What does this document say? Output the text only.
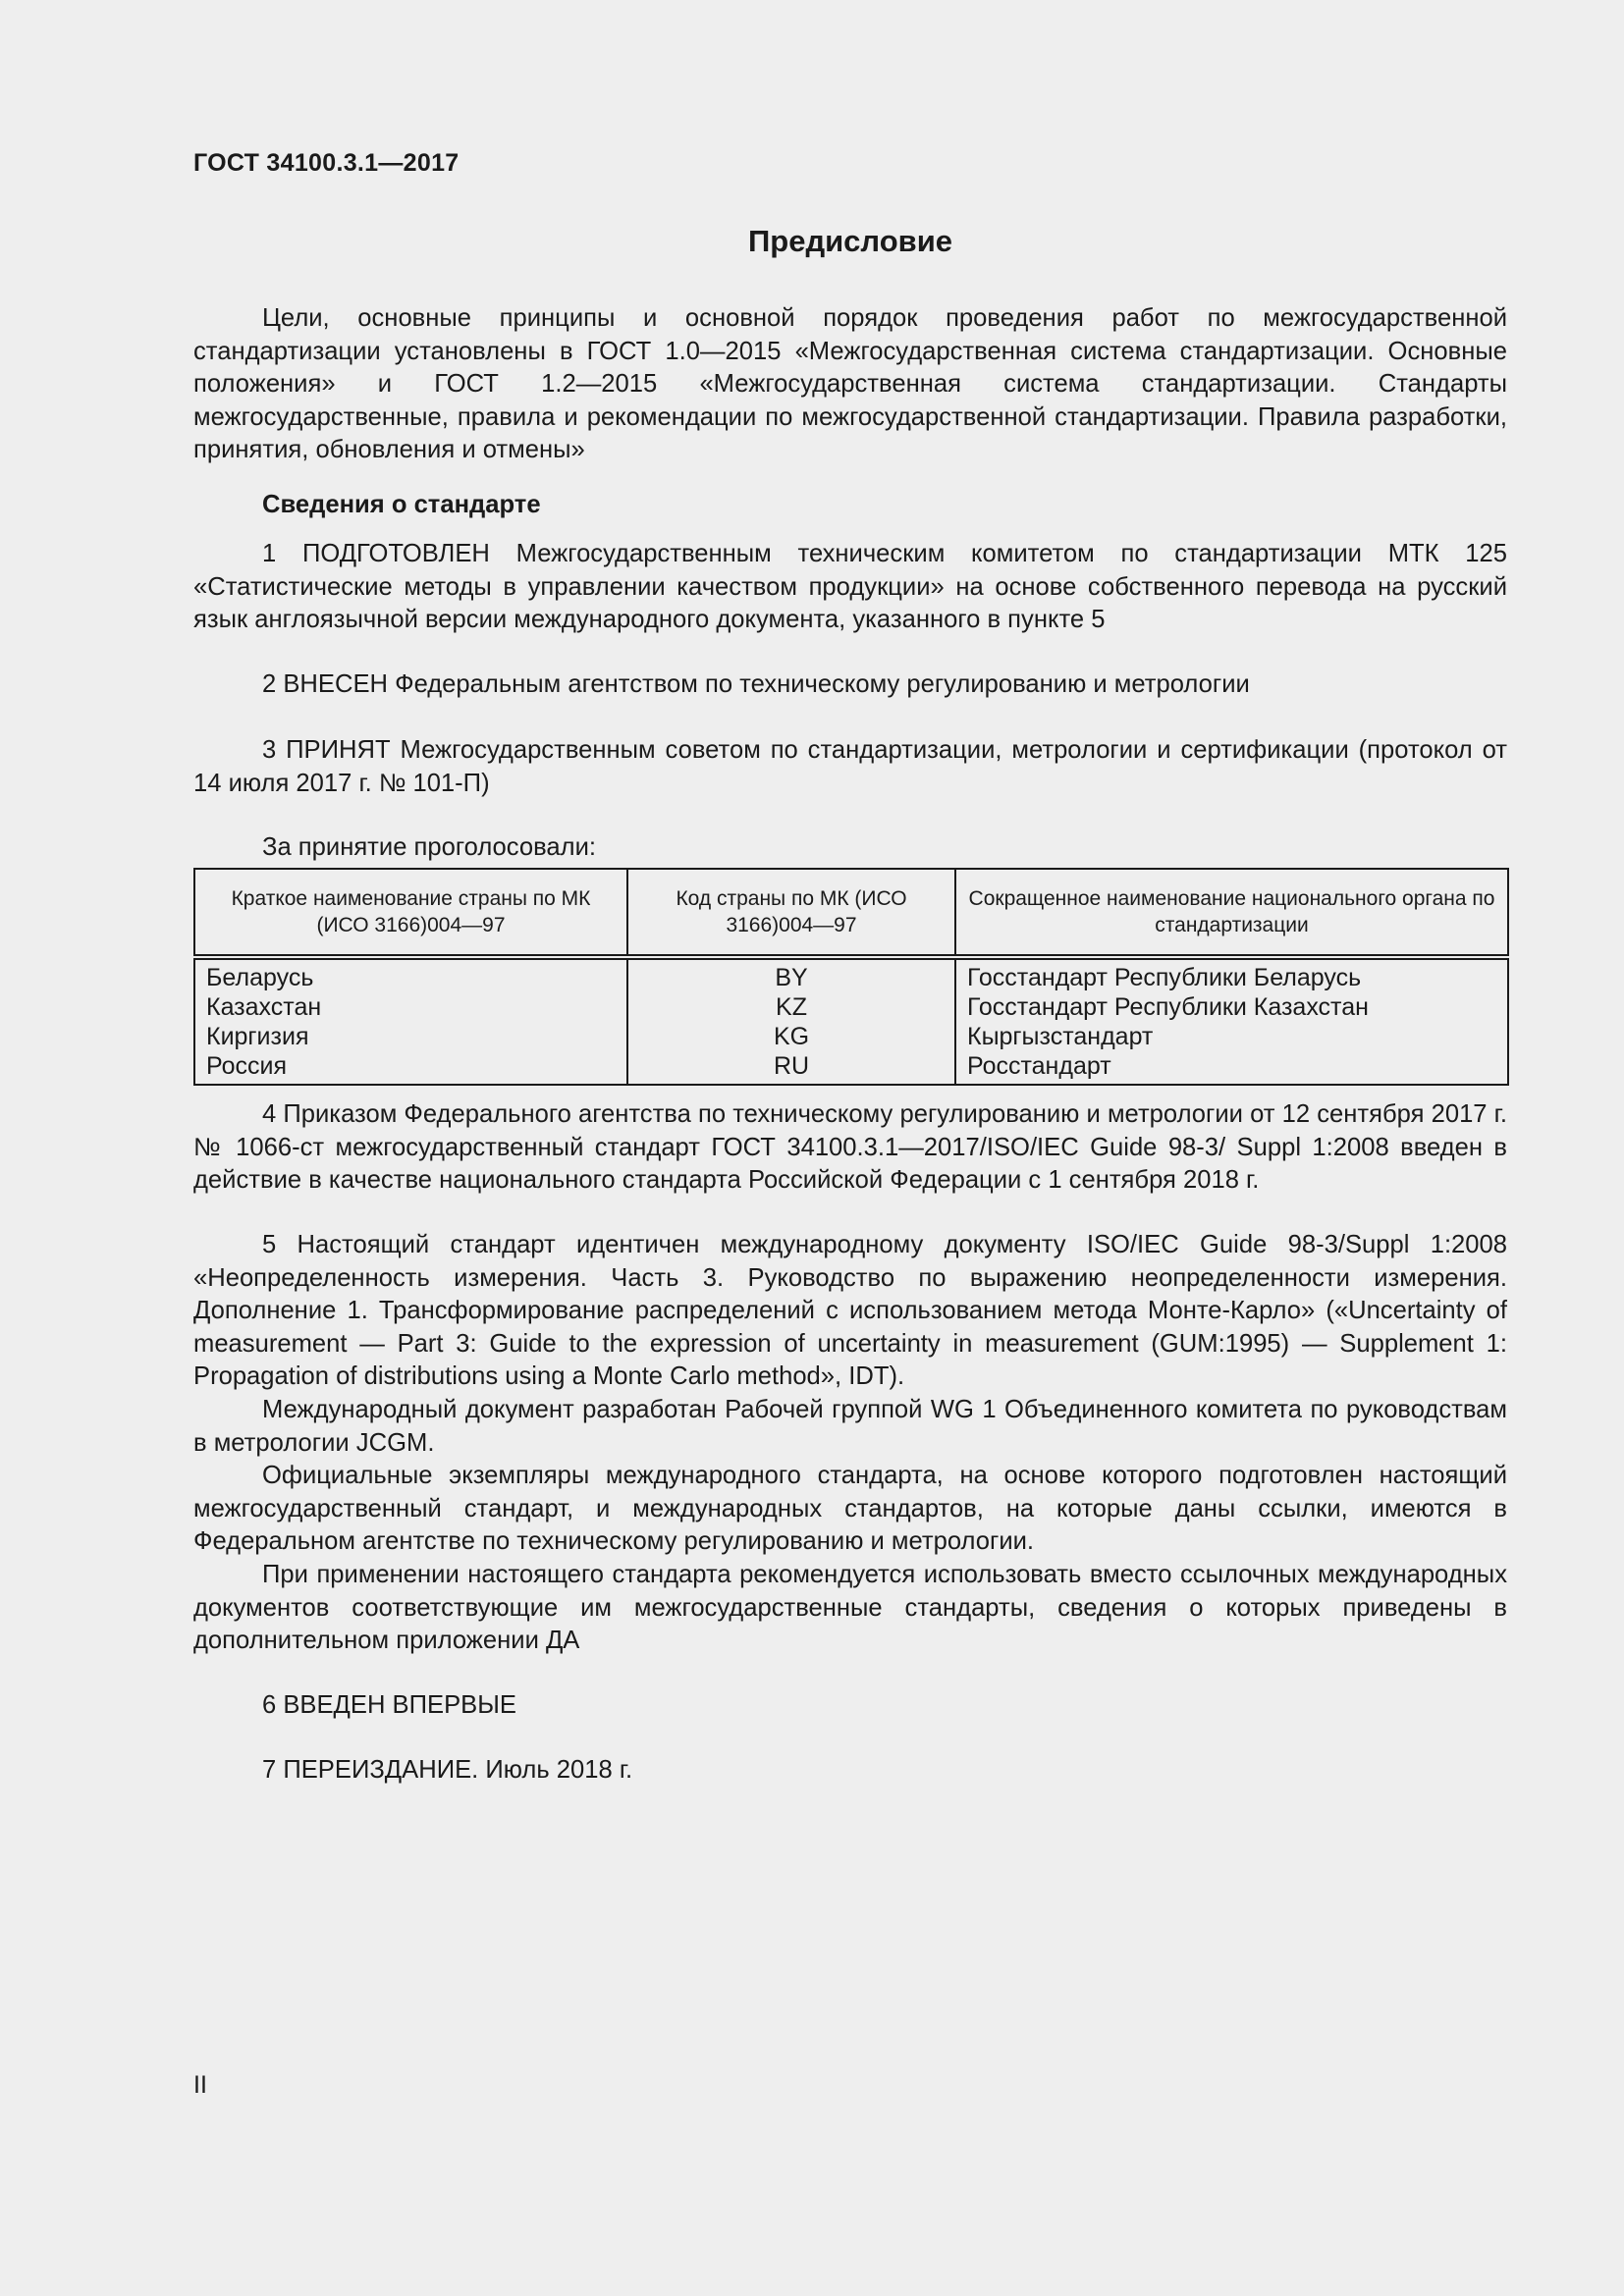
ГОСТ 34100.3.1—2017
Предисловие

Цели, основные принципы и основной порядок проведения работ по межгосударственной стандартизации установлены в ГОСТ 1.0—2015 «Межгосударственная система стандартизации. Основные положения» и ГОСТ 1.2—2015 «Межгосударственная система стандартизации. Стандарты межгосударственные, правила и рекомендации по межгосударственной стандартизации. Правила разработки, принятия, обновления и отмены»

Сведения о стандарте

1 ПОДГОТОВЛЕН Межгосударственным техническим комитетом по стандартизации МТК 125 «Статистические методы в управлении качеством продукции» на основе собственного перевода на русский язык англоязычной версии международного документа, указанного в пункте 5

2 ВНЕСЕН Федеральным агентством по техническому регулированию и метрологии

3 ПРИНЯТ Межгосударственным советом по стандартизации, метрологии и сертификации (протокол от 14 июля 2017 г. № 101-П)

За принятие проголосовали:

Краткое наименование страны по МК (ИСО 3166)004—97	Код страны по МК (ИСО 3166)004—97	Сокращенное наименование национального органа по стандартизации
Беларусь	BY	Госстандарт Республики Беларусь
Казахстан	KZ	Госстандарт Республики Казахстан
Киргизия	KG	Кыргызстандарт
Россия	RU	Росстандарт

4 Приказом Федерального агентства по техническому регулированию и метрологии от 12 сентября 2017 г. № 1066-ст межгосударственный стандарт ГОСТ 34100.3.1—2017/ISO/IEC Guide 98-3/ Suppl 1:2008 введен в действие в качестве национального стандарта Российской Федерации с 1 сентября 2018 г.

5 Настоящий стандарт идентичен международному документу ISO/IEC Guide 98-3/Suppl 1:2008 «Неопределенность измерения. Часть 3. Руководство по выражению неопределенности измерения. Дополнение 1. Трансформирование распределений с использованием метода Монте-Карло» («Uncertainty of measurement — Part 3: Guide to the expression of uncertainty in measurement (GUM:1995) — Supplement 1: Propagation of distributions using a Monte Carlo method», IDT).

Международный документ разработан Рабочей группой WG 1 Объединенного комитета по руководствам в метрологии JCGM.

Официальные экземпляры международного стандарта, на основе которого подготовлен настоящий межгосударственный стандарт, и международных стандартов, на которые даны ссылки, имеются в Федеральном агентстве по техническому регулированию и метрологии.

При применении настоящего стандарта рекомендуется использовать вместо ссылочных международных документов соответствующие им межгосударственные стандарты, сведения о которых приведены в дополнительном приложении ДА

6 ВВЕДЕН ВПЕРВЫЕ

7 ПЕРЕИЗДАНИЕ. Июль 2018 г.

II
